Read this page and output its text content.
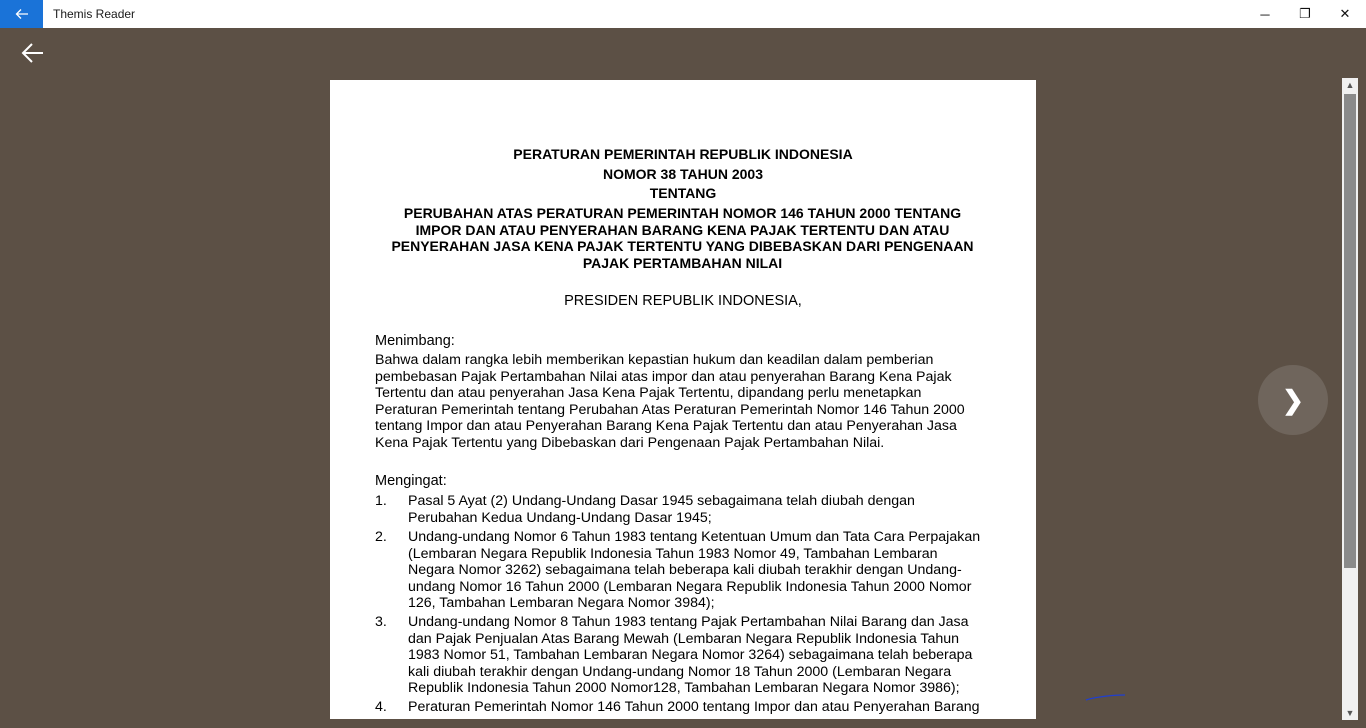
Themis Reader	─ ❐ ✕
PERATURAN PEMERINTAH REPUBLIK INDONESIA
NOMOR 38 TAHUN 2003
TENTANG
PERUBAHAN ATAS PERATURAN PEMERINTAH NOMOR 146 TAHUN 2000 TENTANG
IMPOR DAN ATAU PENYERAHAN BARANG KENA PAJAK TERTENTU DAN ATAU
PENYERAHAN JASA KENA PAJAK TERTENTU YANG DIBEBASKAN DARI PENGENAAN
PAJAK PERTAMBAHAN NILAI
PRESIDEN REPUBLIK INDONESIA,
Menimbang:
Bahwa dalam rangka lebih memberikan kepastian hukum dan keadilan dalam pemberian
pembebasan Pajak Pertambahan Nilai atas impor dan atau penyerahan Barang Kena Pajak
Tertentu dan atau penyerahan Jasa Kena Pajak Tertentu, dipandang perlu menetapkan
Peraturan Pemerintah tentang Perubahan Atas Peraturan Pemerintah Nomor 146 Tahun 2000
tentang Impor dan atau Penyerahan Barang Kena Pajak Tertentu dan atau Penyerahan Jasa
Kena Pajak Tertentu yang Dibebaskan dari Pengenaan Pajak Pertambahan Nilai.
Mengingat:
1. Pasal 5 Ayat (2) Undang-Undang Dasar 1945 sebagaimana telah diubah dengan
Perubahan Kedua Undang-Undang Dasar 1945;
2. Undang-undang Nomor 6 Tahun 1983 tentang Ketentuan Umum dan Tata Cara Perpajakan
(Lembaran Negara Republik Indonesia Tahun 1983 Nomor 49, Tambahan Lembaran
Negara Nomor 3262) sebagaimana telah beberapa kali diubah terakhir dengan Undang-
undang Nomor 16 Tahun 2000 (Lembaran Negara Republik Indonesia Tahun 2000 Nomor
126, Tambahan Lembaran Negara Nomor 3984);
3. Undang-undang Nomor 8 Tahun 1983 tentang Pajak Pertambahan Nilai Barang dan Jasa
dan Pajak Penjualan Atas Barang Mewah (Lembaran Negara Republik Indonesia Tahun
1983 Nomor 51, Tambahan Lembaran Negara Nomor 3264) sebagaimana telah beberapa
kali diubah terakhir dengan Undang-undang Nomor 18 Tahun 2000 (Lembaran Negara
Republik Indonesia Tahun 2000 Nomor128, Tambahan Lembaran Negara Nomor 3986);
4. Peraturan Pemerintah Nomor 146 Tahun 2000 tentang Impor dan atau Penyerahan Barang
❯
▲
▼
